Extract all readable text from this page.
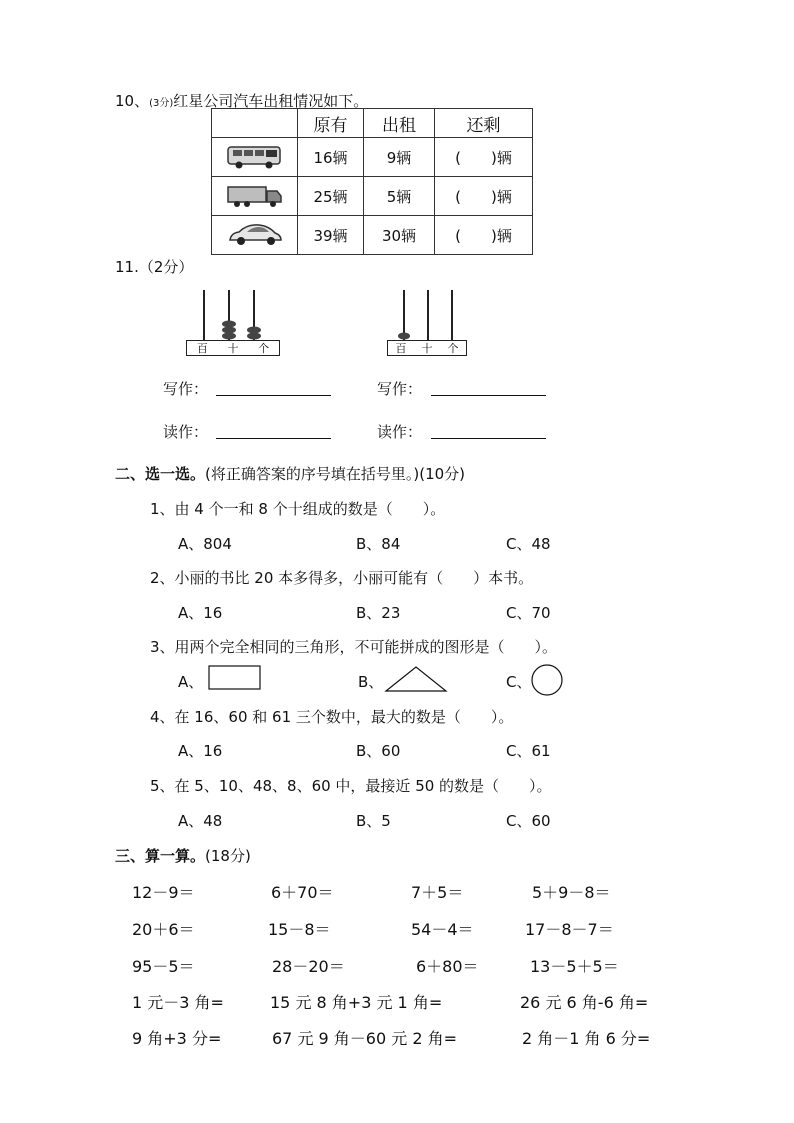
10、(3分)红星公司汽车出租情况如下。
	原有	出租	还剩

	16辆	9辆	(　　)辆

	25辆	5辆	(　　)辆

	39辆	30辆	(　　)辆
11.（2分）
百 十 个	百 十 个
写作：	写作：
读作：	读作：
二、选一选。(将正确答案的序号填在括号里。)(10分)
1、由 4 个一和 8 个十组成的数是（　　）。
A、804	B、84	C、48
2、小丽的书比 20 本多得多，小丽可能有（　　）本书。
A、16	B、23	C、70
3、用两个完全相同的三角形，不可能拼成的图形是（　　）。
A、	B、	C、
4、在 16、60 和 61 三个数中，最大的数是（　　）。
A、16	B、60	C、61
5、在 5、10、48、8、60 中，最接近 50 的数是（　　）。
A、48	B、5	C、60
三、算一算。(18分)
12－9＝	6＋70＝	7＋5＝	5＋9－8＝
20＋6＝	15－8＝	54－4＝	17－8－7＝
95－5＝	28－20＝	6＋80＝	13－5＋5＝
1 元－3 角=	15 元 8 角+3 元 1 角=	26 元 6 角-6 角=
9 角+3 分=	67 元 9 角－60 元 2 角=	2 角－1 角 6 分=
